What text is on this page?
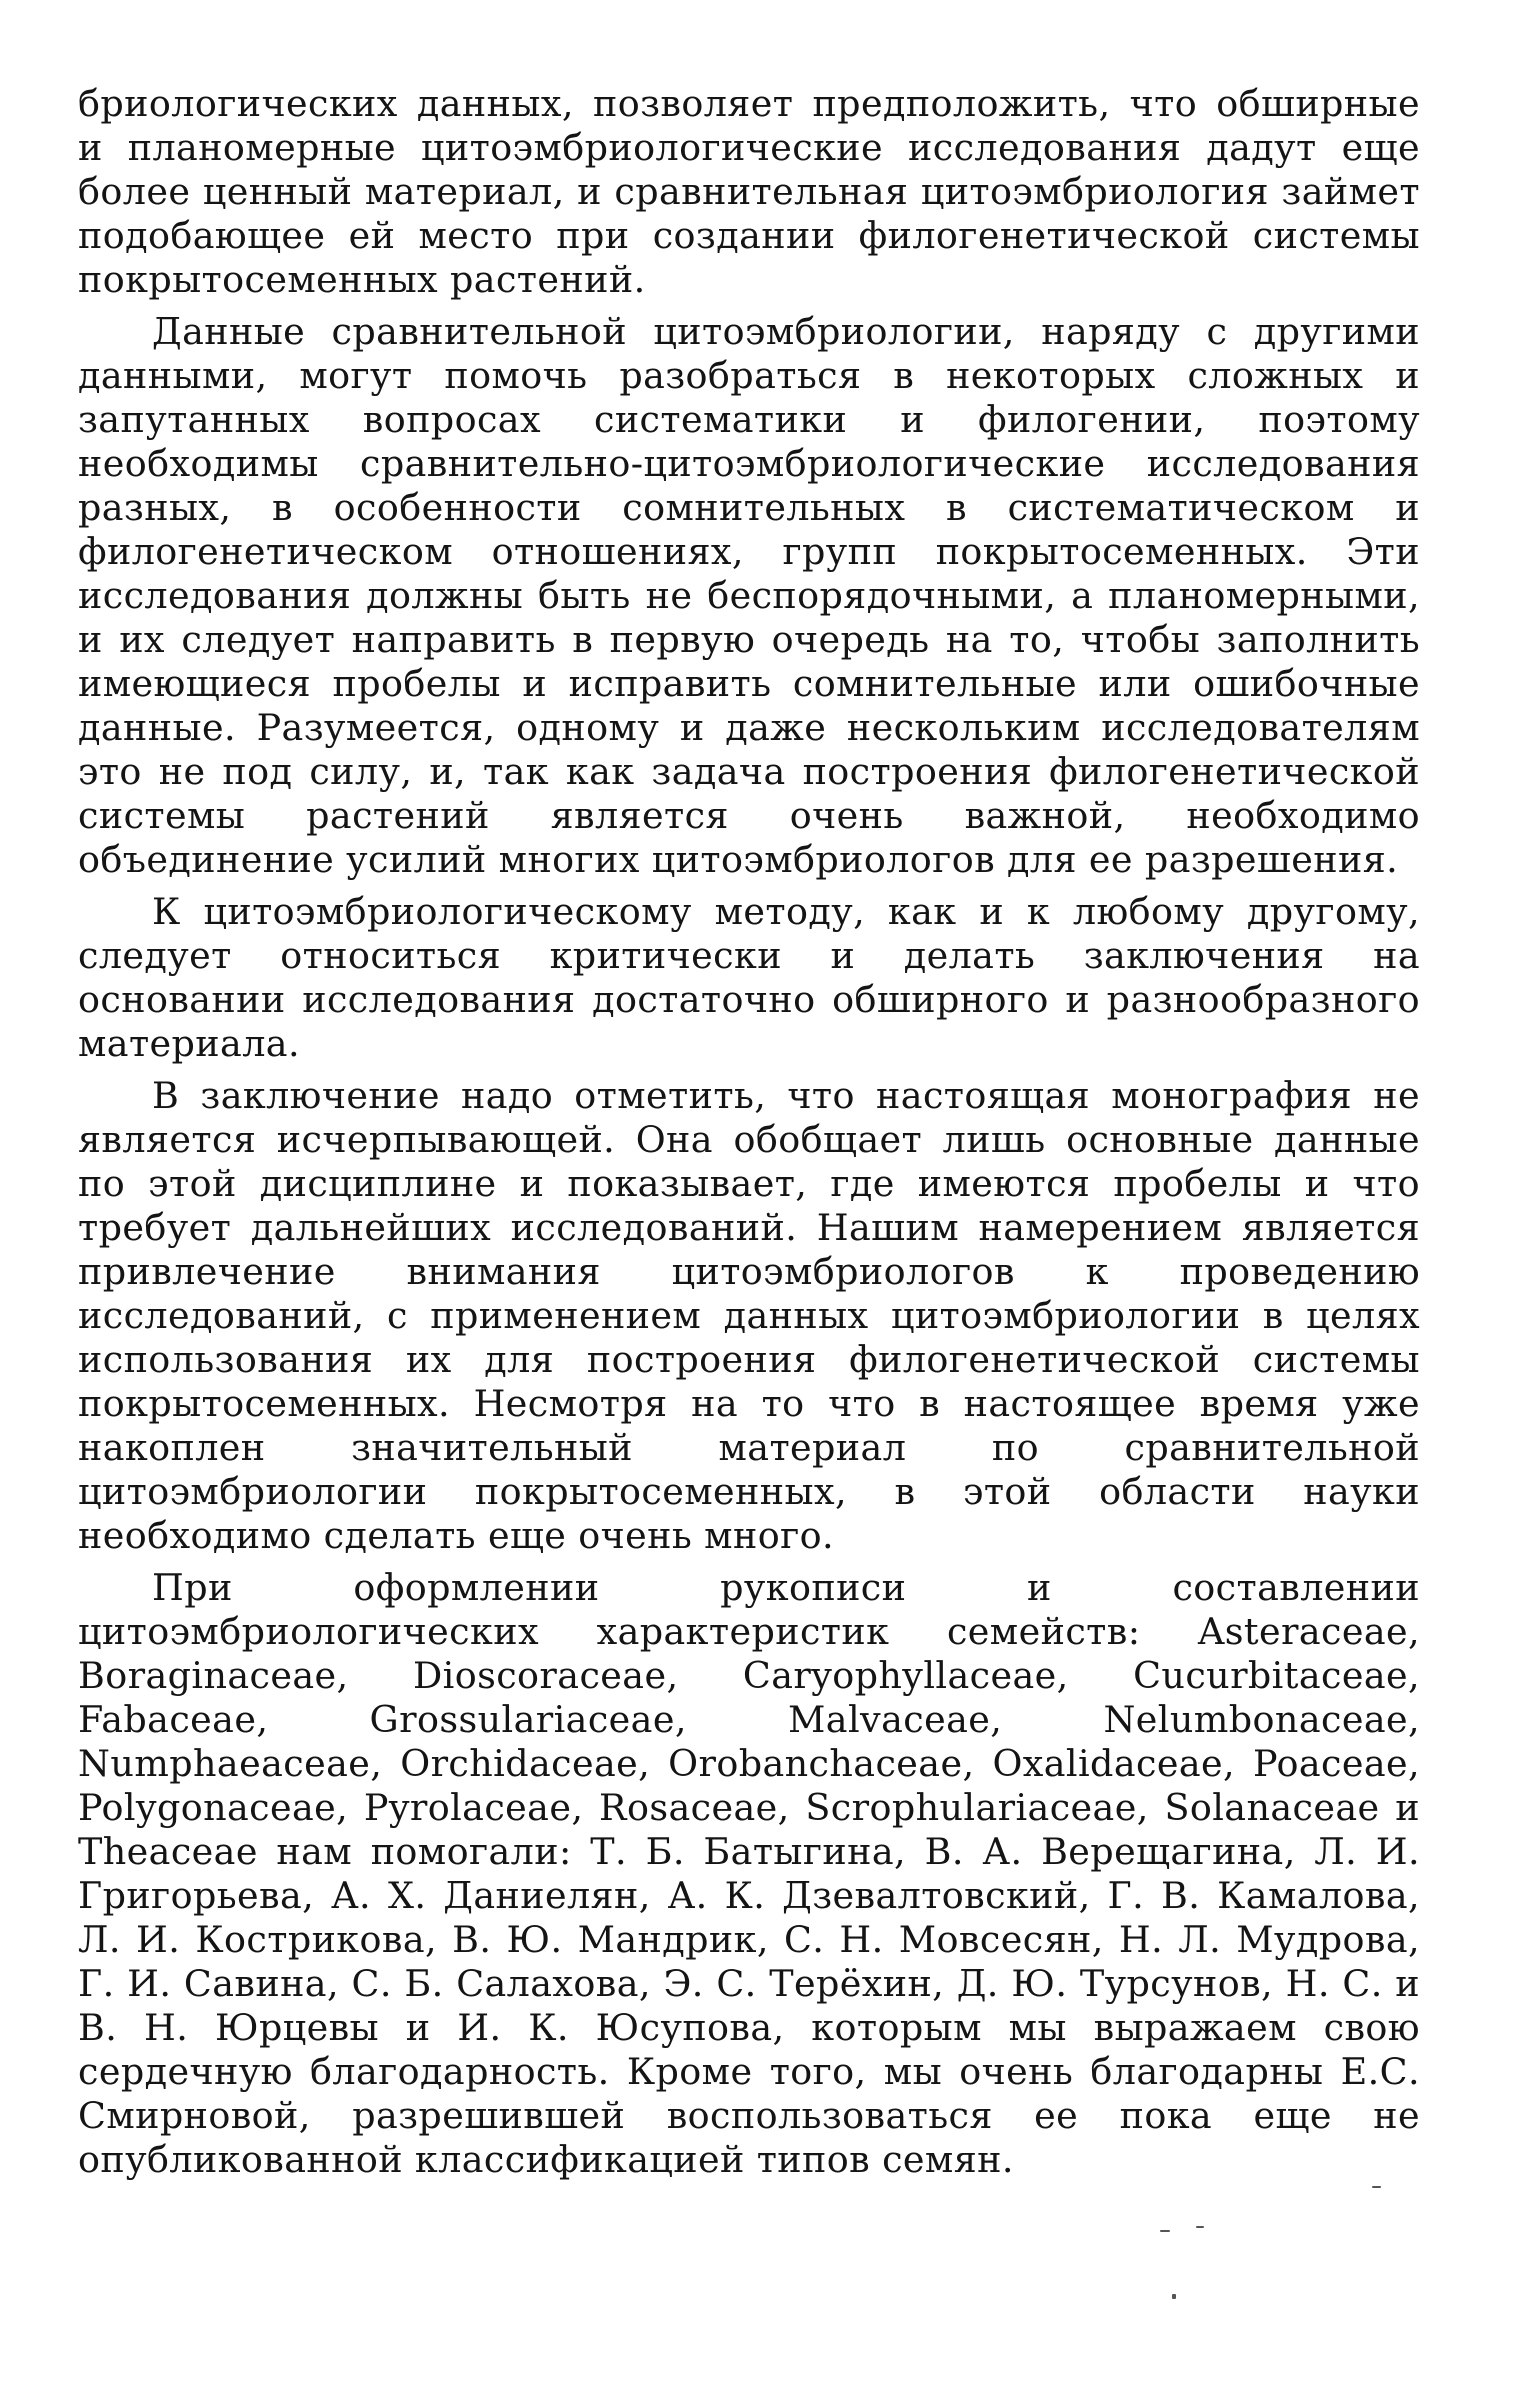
бриологических данных, позволяет предположить, что обширные и планомерные цитоэмбриологические исследования дадут еще более ценный материал, и сравнительная цитоэмбриология займет подобающее ей место при создании филогенетической системы покрытосеменных растений.

Данные сравнительной цитоэмбриологии, наряду с другими данными, могут помочь разобраться в некоторых сложных и запутанных вопросах систематики и филогении, поэтому необходимы сравнительно-цитоэмбриологические исследования разных, в особенности сомнительных в систематическом и филогенетическом отношениях, групп покрытосеменных. Эти исследования должны быть не беспорядочными, а планомерными, и их следует направить в первую очередь на то, чтобы заполнить имеющиеся пробелы и исправить сомнительные или ошибочные данные. Разумеется, одному и даже нескольким исследователям это не под силу, и, так как задача построения филогенетической системы растений является очень важной, необходимо объединение усилий многих цитоэмбриологов для ее разрешения.

К цитоэмбриологическому методу, как и к любому другому, следует относиться критически и делать заключения на основании исследования достаточно обширного и разнообразного материала.

В заключение надо отметить, что настоящая монография не является исчерпывающей. Она обобщает лишь основные данные по этой дисциплине и показывает, где имеются пробелы и что требует дальнейших исследований. Нашим намерением является привлечение внимания цитоэмбриологов к проведению исследований, с применением данных цитоэмбриологии в целях использования их для построения филогенетической системы покрытосеменных. Несмотря на то что в настоящее время уже накоплен значительный материал по сравнительной цитоэмбриологии покрытосеменных, в этой области науки необходимо сделать еще очень много.

При оформлении рукописи и составлении цитоэмбриологических характеристик семейств: Asteraceae, Boraginaceae, Dioscoraceae, Caryophyllaceae, Cucurbitaceae, Fabaceae, Grossulariaceae, Malvaceae, Nelumbonaceae, Numphaeaceae, Orchidaceae, Orobanchaceae, Oxalidaceae, Poaceae, Polygonaceae, Pyrolaceae, Rosaceae, Scrophulariaceae, Solanaceae и Theaceae нам помогали: Т. Б. Батыгина, В. А. Верещагина, Л. И. Григорьева, А. Х. Даниелян, А. К. Дзевалтовский, Г. В. Камалова, Л. И. Кострикова, В. Ю. Мандрик, С. Н. Мовсесян, Н. Л. Мудрова, Г. И. Савина, С. Б. Салахова, Э. С. Терёхин, Д. Ю. Турсунов, Н. С. и В. Н. Юрцевы и И. К. Юсупова, которым мы выражаем свою сердечную благодарность. Кроме того, мы очень благодарны Е.С. Смирновой, разрешившей воспользоваться ее пока еще не опубликованной классификацией типов семян.
